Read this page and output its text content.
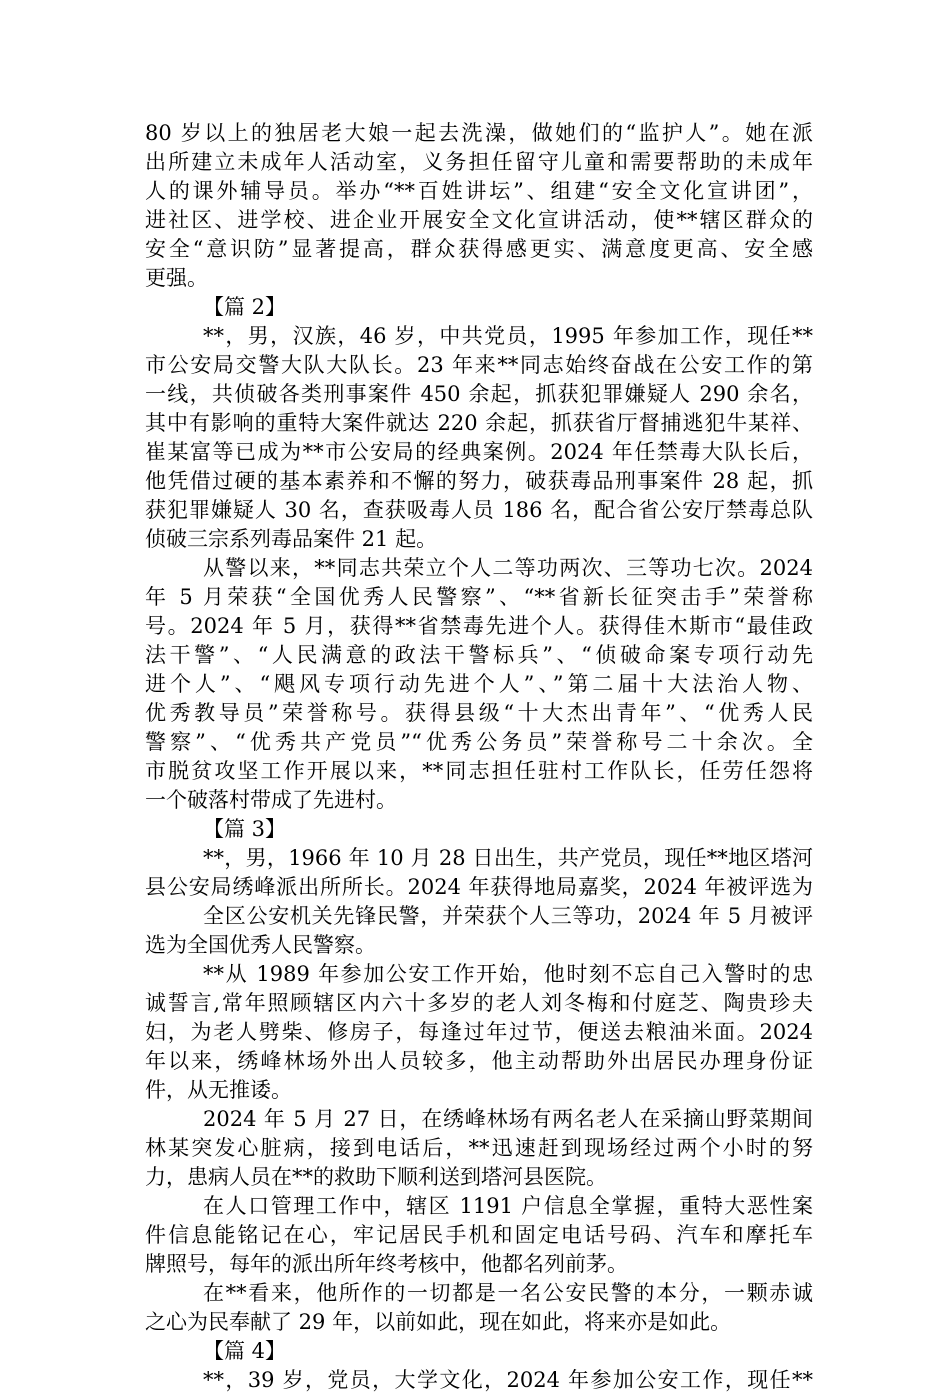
80 岁以上的独居老大娘一起去洗澡，做她们的“监护人”。她在派
出所建立未成年人活动室，义务担任留守儿童和需要帮助的未成年
人的课外辅导员。举办“**百姓讲坛”、组建“安全文化宣讲团”，
进社区、进学校、进企业开展安全文化宣讲活动，使**辖区群众的
安全“意识防”显著提高，群众获得感更实、满意度更高、安全感
更强。
【篇 2】
**，男，汉族，46 岁，中共党员，1995 年参加工作，现任**
市公安局交警大队大队长。23 年来**同志始终奋战在公安工作的第
一线，共侦破各类刑事案件 450 余起，抓获犯罪嫌疑人 290 余名，
其中有影响的重特大案件就达 220 余起，抓获省厅督捕逃犯牛某祥、
崔某富等已成为**市公安局的经典案例。2024 年任禁毒大队长后，
他凭借过硬的基本素养和不懈的努力，破获毒品刑事案件 28 起，抓
获犯罪嫌疑人 30 名，查获吸毒人员 186 名，配合省公安厅禁毒总队
侦破三宗系列毒品案件 21 起。
从警以来，**同志共荣立个人二等功两次、三等功七次。2024
年 5 月荣获“全国优秀人民警察”、“**省新长征突击手”荣誉称
号。2024 年 5 月，获得**省禁毒先进个人。获得佳木斯市“最佳政
法干警”、“人民满意的政法干警标兵”、“侦破命案专项行动先
进个人”、“飓风专项行动先进个人”、”第二届十大法治人物、
优秀教导员”荣誉称号。获得县级“十大杰出青年”、“优秀人民
警察”、“优秀共产党员”“优秀公务员”荣誉称号二十余次。全
市脱贫攻坚工作开展以来，**同志担任驻村工作队长，任劳任怨将
一个破落村带成了先进村。
【篇 3】
**，男，1966 年 10 月 28 日出生，共产党员，现任**地区塔河
县公安局绣峰派出所所长。2024 年获得地局嘉奖，2024 年被评选为
全区公安机关先锋民警，并荣获个人三等功，2024 年 5 月被评
选为全国优秀人民警察。
**从 1989 年参加公安工作开始，他时刻不忘自己入警时的忠
诚誓言,常年照顾辖区内六十多岁的老人刘冬梅和付庭芝、陶贵珍夫
妇，为老人劈柴、修房子，每逢过年过节，便送去粮油米面。2024
年以来，绣峰林场外出人员较多，他主动帮助外出居民办理身份证
件，从无推诿。
2024 年 5 月 27 日，在绣峰林场有两名老人在采摘山野菜期间
林某突发心脏病，接到电话后，**迅速赶到现场经过两个小时的努
力，患病人员在**的救助下顺利送到塔河县医院。
在人口管理工作中，辖区 1191 户信息全掌握，重特大恶性案
件信息能铭记在心，牢记居民手机和固定电话号码、汽车和摩托车
牌照号，每年的派出所年终考核中，他都名列前茅。
在**看来，他所作的一切都是一名公安民警的本分，一颗赤诚
之心为民奉献了 29 年，以前如此，现在如此，将来亦是如此。
【篇 4】
**，39 岁，党员，大学文化，2024 年参加公安工作，现任**
